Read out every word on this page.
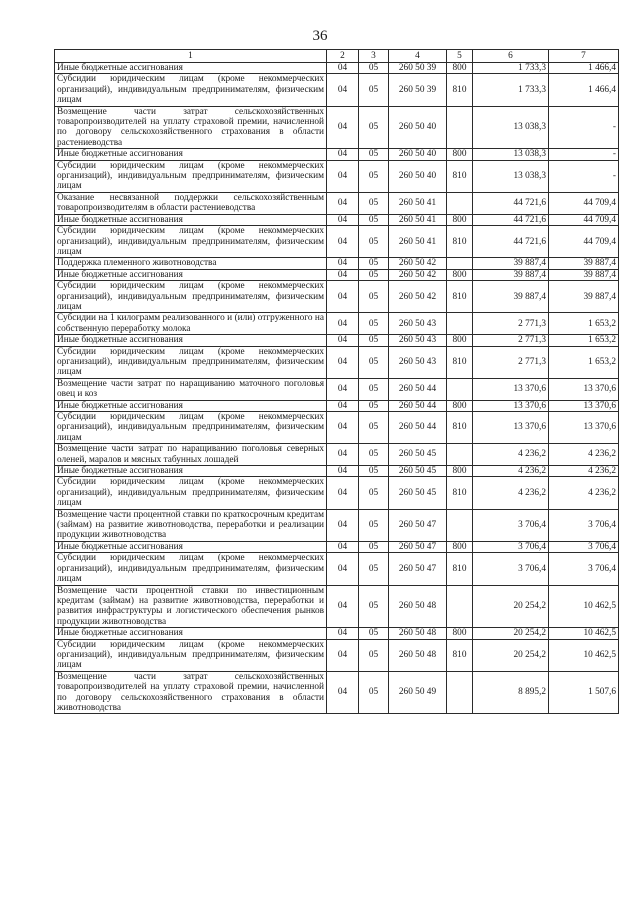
36
1	2	3	4	5	6	7
Иные бюджетные ассигнования	04	05	260 50 39	800	1 733,3	1 466,4
Субсидии юридическим лицам (кроме некоммерческих организаций), индивидуальным предпринимателям, физическим лицам	04	05	260 50 39	810	1 733,3	1 466,4
Возмещение части затрат сельскохозяйственных товаропроизводителей на уплату страховой премии, начисленной по договору сельскохозяйственного страхования в области растениеводства	04	05	260 50 40		13 038,3	-
Иные бюджетные ассигнования	04	05	260 50 40	800	13 038,3	-
Субсидии юридическим лицам (кроме некоммерческих организаций), индивидуальным предпринимателям, физическим лицам	04	05	260 50 40	810	13 038,3	-
Оказание несвязанной поддержки сельскохозяйственным товаропроизводителям в области растениеводства	04	05	260 50 41		44 721,6	44 709,4
Иные бюджетные ассигнования	04	05	260 50 41	800	44 721,6	44 709,4
Субсидии юридическим лицам (кроме некоммерческих организаций), индивидуальным предпринимателям, физическим лицам	04	05	260 50 41	810	44 721,6	44 709,4
Поддержка племенного животноводства	04	05	260 50 42		39 887,4	39 887,4
Иные бюджетные ассигнования	04	05	260 50 42	800	39 887,4	39 887,4
Субсидии юридическим лицам (кроме некоммерческих организаций), индивидуальным предпринимателям, физическим лицам	04	05	260 50 42	810	39 887,4	39 887,4
Субсидии на 1 килограмм реализованного и (или) отгруженного на собственную переработку молока	04	05	260 50 43		2 771,3	1 653,2
Иные бюджетные ассигнования	04	05	260 50 43	800	2 771,3	1 653,2
Субсидии юридическим лицам (кроме некоммерческих организаций), индивидуальным предпринимателям, физическим лицам	04	05	260 50 43	810	2 771,3	1 653,2
Возмещение части затрат по наращиванию маточного поголовья овец и коз	04	05	260 50 44		13 370,6	13 370,6
Иные бюджетные ассигнования	04	05	260 50 44	800	13 370,6	13 370,6
Субсидии юридическим лицам (кроме некоммерческих организаций), индивидуальным предпринимателям, физическим лицам	04	05	260 50 44	810	13 370,6	13 370,6
Возмещение части затрат по наращиванию поголовья северных оленей, маралов и мясных табунных лошадей	04	05	260 50 45		4 236,2	4 236,2
Иные бюджетные ассигнования	04	05	260 50 45	800	4 236,2	4 236,2
Субсидии юридическим лицам (кроме некоммерческих организаций), индивидуальным предпринимателям, физическим лицам	04	05	260 50 45	810	4 236,2	4 236,2
Возмещение части процентной ставки по краткосрочным кредитам (займам) на развитие животноводства, переработки и реализации продукции животноводства	04	05	260 50 47		3 706,4	3 706,4
Иные бюджетные ассигнования	04	05	260 50 47	800	3 706,4	3 706,4
Субсидии юридическим лицам (кроме некоммерческих организаций), индивидуальным предпринимателям, физическим лицам	04	05	260 50 47	810	3 706,4	3 706,4
Возмещение части процентной ставки по инвестиционным кредитам (займам) на развитие животноводства, переработки и развития инфраструктуры и логистического обеспечения рынков продукции животноводства	04	05	260 50 48		20 254,2	10 462,5
Иные бюджетные ассигнования	04	05	260 50 48	800	20 254,2	10 462,5
Субсидии юридическим лицам (кроме некоммерческих организаций), индивидуальным предпринимателям, физическим лицам	04	05	260 50 48	810	20 254,2	10 462,5
Возмещение части затрат сельскохозяйственных товаропроизводителей на уплату страховой премии, начисленной по договору сельскохозяйственного страхования в области животноводства	04	05	260 50 49		8 895,2	1 507,6
